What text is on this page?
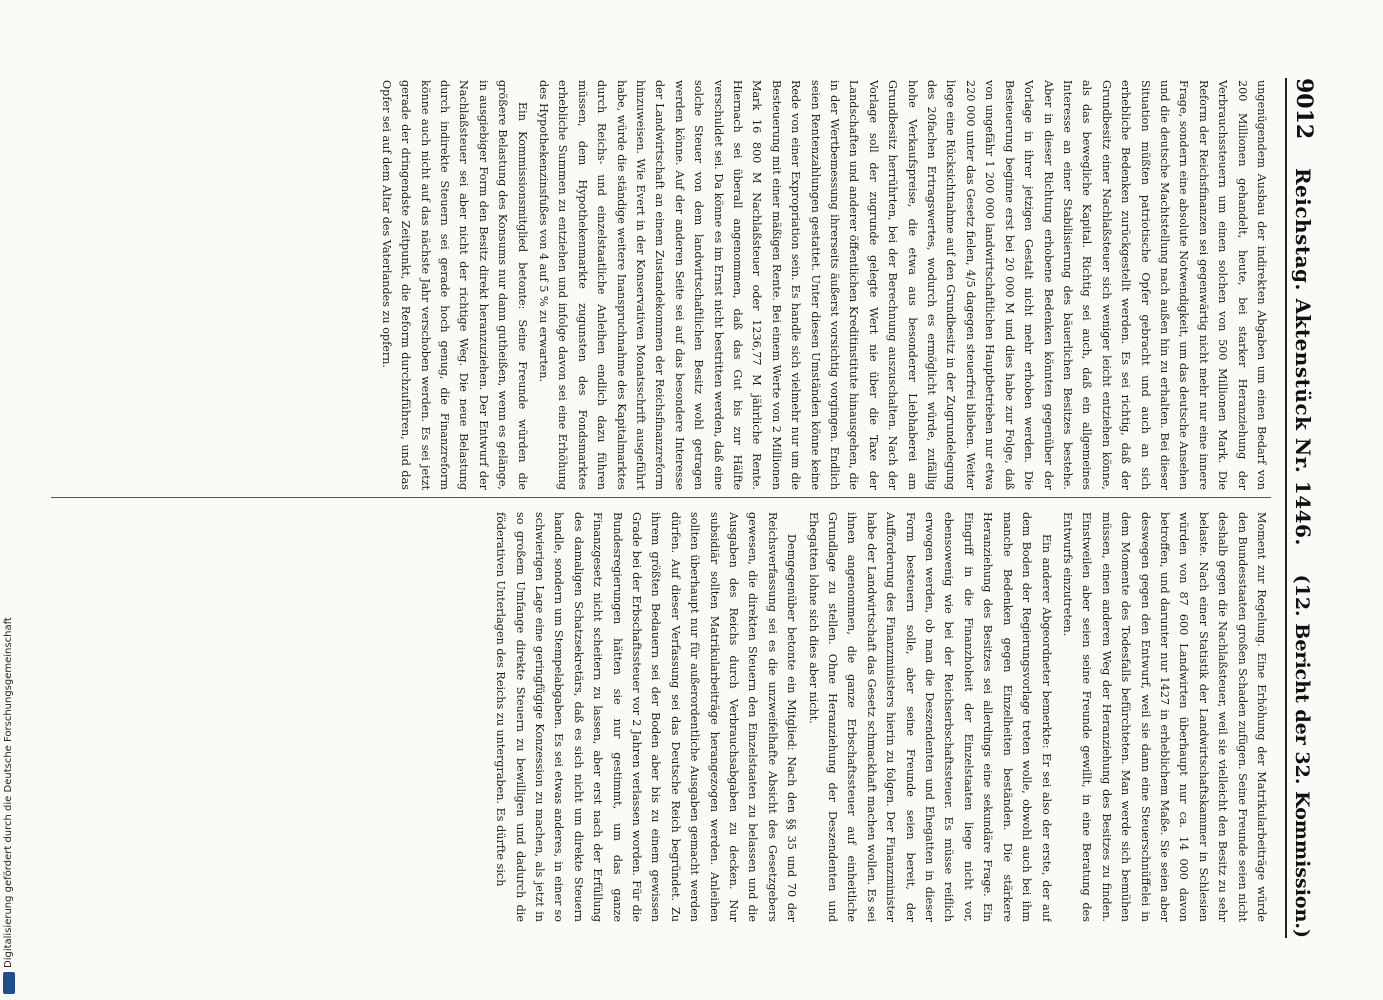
9012
Reichstag. Aktenstück Nr. 1446.
(12. Bericht der 32. Kommission.)

ungenügendem Ausbau der indirekten Abgaben um einen Bedarf von 200 Millionen gehandelt, heute, bei starker Heranziehung der Verbrauchssteuern um einen solchen von 500 Millionen Mark. Die Reform der Reichsfinanzen sei gegenwärtig nicht mehr nur eine innere Frage, sondern eine absolute Notwendigkeit, um das deutsche Ansehen und die deutsche Machtstellung nach außen hin zu erhalten. Bei dieser Situation müßten patriotische Opfer gebracht und auch an sich erhebliche Bedenken zurückgestellt werden. Es sei richtig, daß der Grundbesitz einer Nachlaßsteuer sich weniger leicht entziehen könne, als das bewegliche Kapital. Richtig sei auch, daß ein allgemeines Interesse an einer Stabilisierung des bäuerlichen Besitzes bestehe. Aber in dieser Richtung erhobene Bedenken könnten gegenüber der Vorlage in ihrer jetzigen Gestalt nicht mehr erhoben werden. Die Besteuerung beginne erst bei 20 000 M und dies habe zur Folge, daß von ungefähr 1 200 000 landwirtschaftlichen Hauptbetrieben nur etwa 220 000 unter das Gesetz fielen, 4/5 dagegen steuerfrei blieben. Weiter liege eine Rücksichtnahme auf den Grundbesitz in der Zugrundelegung des 20fachen Ertragswertes, wodurch es ermöglicht würde, zufällig hohe Verkaufspreise, die etwa aus besonderer Liebhaberei am Grundbesitz herrührten, bei der Berechnung auszuschalten. Nach der Vorlage soll der zugrunde gelegte Wert nie über die Taxe der Landschaften und anderer öffentlichen Kreditinstitute hinausgehen, die in der Wertbemessung ihrerseits äußerst vorsichtig vorgingen. Endlich seien Rentenzahlungen gestattet. Unter diesen Umständen könne keine Rede von einer Expropriation sein. Es handle sich vielmehr nur um die Besteuerung mit einer mäßigen Rente. Bei einem Werte von 2 Millionen Mark 16 800 M Nachlaßsteuer oder 1236,77 M jährliche Rente. Hiernach sei überall angenommen, daß das Gut bis zur Hälfte verschuldet sei. Da könne es im Ernst nicht bestritten werden, daß eine solche Steuer von dem landwirtschaftlichen Besitz wohl getragen werden könne. Auf der anderen Seite sei auf das besondere Interesse der Landwirtschaft an einem Zustandekommen der Reichsfinanzreform hinzuweisen. Wie Evert in der Konservativen Monatsschrift ausgeführt habe, würde die ständige weitere Inanspruchnahme des Kapitalmarktes durch Reichs- und einzelstaatliche Anleihen endlich dazu führen müssen, dem Hypothekenmarkte zugunsten des Fondsmarktes erhebliche Summen zu entziehen und infolge davon sei eine Erhöhung des Hypothekenzinsfußes von 4 auf 5 % zu erwarten.

Ein Kommissionsmitglied betonte: Seine Freunde würden die größere Belastung des Konsums nur dann gutheißen, wenn es gelänge, in ausgiebiger Form den Besitz direkt heranzuziehen. Der Entwurf der Nachlaßsteuer sei aber nicht der richtige Weg. Die neue Belastung durch indirekte Steuern sei gerade hoch genug, die Finanzreform könne auch nicht auf das nächste Jahr verschoben werden. Es sei jetzt gerade der dringendste Zeitpunkt, die Reform durchzuführen, und das Opfer sei auf dem Altar des Vaterlandes zu opfern.

Moment zur Regelung. Eine Erhöhung der Matrikularbeiträge würde den Bundesstaaten großen Schaden zufügen. Seine Freunde seien nicht deshalb gegen die Nachlaßsteuer, weil sie vielleicht den Besitz zu sehr belaste. Nach einer Statistik der Landwirtschaftskammer in Schlesien würden von 87 600 Landwirten überhaupt nur ca. 14 000 davon betroffen, und darunter nur 1427 in erheblichem Maße. Sie seien aber deswegen gegen den Entwurf, weil sie dann eine Steuerschnüffelei in dem Momente des Todesfalls befürchteten. Man werde sich bemühen müssen, einen anderen Weg der Heranziehung des Besitzes zu finden. Einstweilen aber seien seine Freunde gewillt, in eine Beratung des Entwurfs einzutreten.

Ein anderer Abgeordneter bemerkte: Er sei also der erste, der auf dem Boden der Regierungsvorlage treten wolle, obwohl auch bei ihm manche Bedenken gegen Einzelheiten beständen. Die stärkere Heranziehung des Besitzes sei allerdings eine sekundäre Frage. Ein Eingriff in die Finanzhoheit der Einzelstaaten liege nicht vor, ebensowenig wie bei der Reichserbschaftssteuer. Es müsse reiflich erwogen werden, ob man die Deszendenten und Ehegatten in dieser Form besteuern solle, aber seine Freunde seien bereit, der Aufforderung des Finanzministers hierin zu folgen. Der Finanzminister habe der Landwirtschaft das Gesetz schmackhaft machen wollen. Es sei ihnen angenommen, die ganze Erbschaftssteuer auf einheitliche Grundlage zu stellen. Ohne Heranziehung der Deszendenten und Ehegatten lohne sich dies aber nicht.

Demgegenüber betonte ein Mitglied: Nach den §§ 35 und 70 der Reichsverfassung sei es die unzweifelhafte Absicht des Gesetzgebers gewesen, die direkten Steuern den Einzelstaaten zu belassen und die Ausgaben des Reichs durch Verbrauchsabgaben zu decken. Nur subsidiär sollten Matrikularbeiträge herangezogen werden. Anleihen sollten überhaupt nur für außerordentliche Ausgaben gemacht werden dürfen. Auf dieser Verfassung sei das Deutsche Reich begründet. Zu ihrem größten Bedauern sei der Boden aber bis zu einem gewissen Grade bei der Erbschaftssteuer vor 2 Jahren verlassen worden. Für die Bundesregierungen hätten sie nur gestimmt, um das ganze Finanzgesetz nicht scheitern zu lassen, aber erst nach der Erfüllung des damaligen Schatzsekretärs, daß es sich nicht um direkte Steuern handle, sondern um Stempelabgaben. Es sei etwas anderes, in einer so schwierigen Lage eine geringfügige Konzession zu machen, als jetzt in so großem Umfange direkte Steuern zu bewilligen und dadurch die föderativen Unterlagen des Reichs zu untergraben. Es dürfte sich

Digitalisierung gefördert durch die Deutsche Forschungsgemeinschaft
